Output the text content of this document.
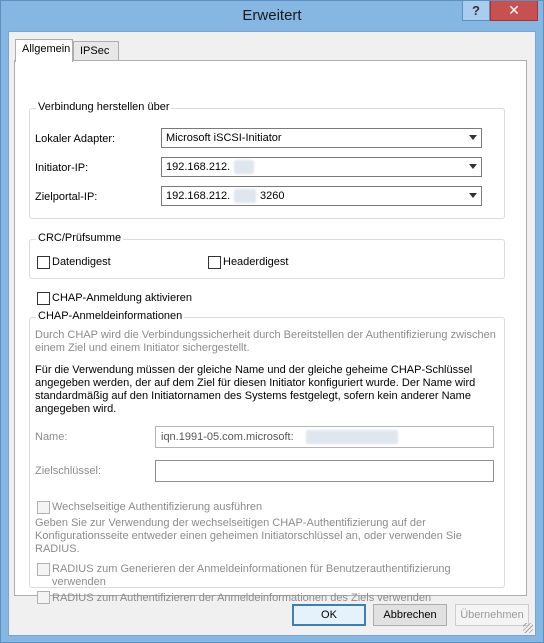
Erweitert	?	✕
Allgemein IPSec
Verbindung herstellen über
Lokaler Adapter:	Microsoft iSCSI-Initiator
Initiator-IP:	192.168.212.
Zielportal-IP:	192.168.212.	3260
CRC/Prüfsumme
Datendigest	Headerdigest
CHAP-Anmeldung aktivieren
CHAP-Anmeldeinformationen
Durch CHAP wird die Verbindungssicherheit durch Bereitstellen der Authentifizierung zwischen einem Ziel und einem Initiator sichergestellt.
Für die Verwendung müssen der gleiche Name und der gleiche geheime CHAP-Schlüssel angegeben werden, der auf dem Ziel für diesen Initiator konfiguriert wurde. Der Name wird standardmäßig auf den Initiatornamen des Systems festgelegt, sofern kein anderer Name angegeben wird.
Name:	iqn.1991-05.com.microsoft:
Zielschlüssel:
Wechselseitige Authentifizierung ausführen
Geben Sie zur Verwendung der wechselseitigen CHAP-Authentifizierung auf der Konfigurationsseite entweder einen geheimen Initiatorschlüssel an, oder verwenden Sie RADIUS.
RADIUS zum Generieren der Anmeldeinformationen für Benutzerauthentifizierung verwenden
RADIUS zum Authentifizieren der Anmeldeinformationen des Ziels verwenden
OK	Abbrechen	Übernehmen
